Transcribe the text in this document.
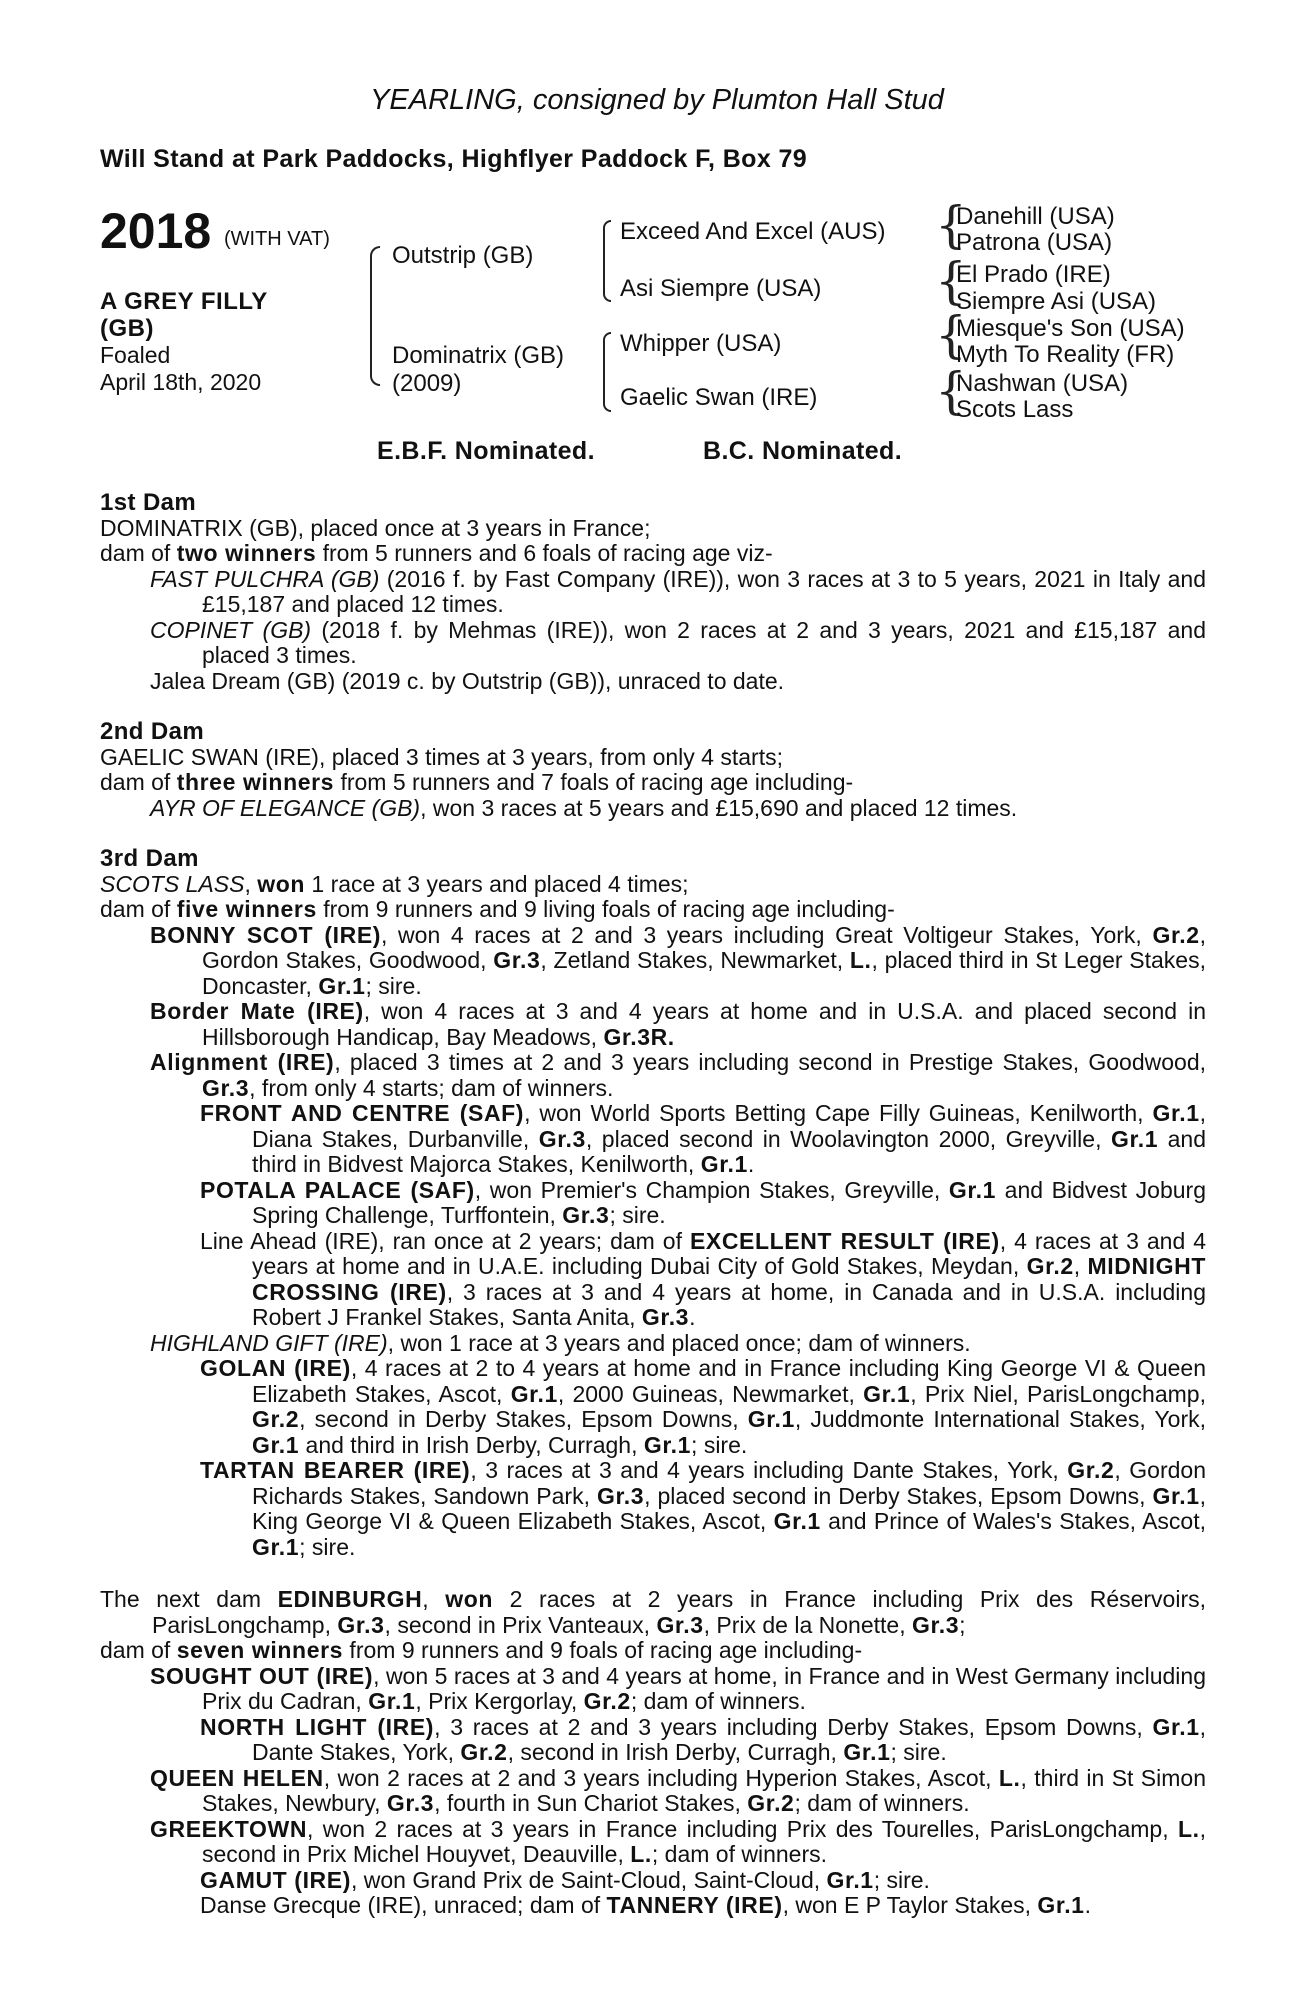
YEARLING, consigned by Plumton Hall Stud
Will Stand at Park Paddocks, Highflyer Paddock F, Box 79
2018 (WITH VAT)
A GREY FILLY (GB)
Foaled
April 18th, 2020
Outstrip (GB)
Dominatrix (GB)
(2009)
Exceed And Excel (AUS)
Asi Siempre (USA)
Whipper (USA)
Gaelic Swan (IRE)
{
{
{
{
Danehill (USA)
Patrona (USA)
El Prado (IRE)
Siempre Asi (USA)
Miesque's Son (USA)
Myth To Reality (FR)
Nashwan (USA)
Scots Lass
E.B.F. Nominated.	B.C. Nominated.
1st Dam
DOMINATRIX (GB), placed once at 3 years in France;
dam of two winners from 5 runners and 6 foals of racing age viz-
FAST PULCHRA (GB) (2016 f. by Fast Company (IRE)), won 3 races at 3 to 5 years, 2021 in Italy and £15,187 and placed 12 times.
COPINET (GB) (2018 f. by Mehmas (IRE)), won 2 races at 2 and 3 years, 2021 and £15,187 and placed 3 times.
Jalea Dream (GB) (2019 c. by Outstrip (GB)), unraced to date.
2nd Dam
GAELIC SWAN (IRE), placed 3 times at 3 years, from only 4 starts;
dam of three winners from 5 runners and 7 foals of racing age including-
AYR OF ELEGANCE (GB), won 3 races at 5 years and £15,690 and placed 12 times.
3rd Dam
SCOTS LASS, won 1 race at 3 years and placed 4 times;
dam of five winners from 9 runners and 9 living foals of racing age including-
BONNY SCOT (IRE), won 4 races at 2 and 3 years including Great Voltigeur Stakes, York, Gr.2, Gordon Stakes, Goodwood, Gr.3, Zetland Stakes, Newmarket, L., placed third in St Leger Stakes, Doncaster, Gr.1; sire.
Border Mate (IRE), won 4 races at 3 and 4 years at home and in U.S.A. and placed second in Hillsborough Handicap, Bay Meadows, Gr.3R.
Alignment (IRE), placed 3 times at 2 and 3 years including second in Prestige Stakes, Goodwood, Gr.3, from only 4 starts; dam of winners.
FRONT AND CENTRE (SAF), won World Sports Betting Cape Filly Guineas, Kenilworth, Gr.1, Diana Stakes, Durbanville, Gr.3, placed second in Woolavington 2000, Greyville, Gr.1 and third in Bidvest Majorca Stakes, Kenilworth, Gr.1.
POTALA PALACE (SAF), won Premier's Champion Stakes, Greyville, Gr.1 and Bidvest Joburg Spring Challenge, Turffontein, Gr.3; sire.
Line Ahead (IRE), ran once at 2 years; dam of EXCELLENT RESULT (IRE), 4 races at 3 and 4 years at home and in U.A.E. including Dubai City of Gold Stakes, Meydan, Gr.2, MIDNIGHT CROSSING (IRE), 3 races at 3 and 4 years at home, in Canada and in U.S.A. including Robert J Frankel Stakes, Santa Anita, Gr.3.
HIGHLAND GIFT (IRE), won 1 race at 3 years and placed once; dam of winners.
GOLAN (IRE), 4 races at 2 to 4 years at home and in France including King George VI & Queen Elizabeth Stakes, Ascot, Gr.1, 2000 Guineas, Newmarket, Gr.1, Prix Niel, ParisLongchamp, Gr.2, second in Derby Stakes, Epsom Downs, Gr.1, Juddmonte International Stakes, York, Gr.1 and third in Irish Derby, Curragh, Gr.1; sire.
TARTAN BEARER (IRE), 3 races at 3 and 4 years including Dante Stakes, York, Gr.2, Gordon Richards Stakes, Sandown Park, Gr.3, placed second in Derby Stakes, Epsom Downs, Gr.1, King George VI & Queen Elizabeth Stakes, Ascot, Gr.1 and Prince of Wales's Stakes, Ascot, Gr.1; sire.
The next dam EDINBURGH, won 2 races at 2 years in France including Prix des Réservoirs, ParisLongchamp, Gr.3, second in Prix Vanteaux, Gr.3, Prix de la Nonette, Gr.3;
dam of seven winners from 9 runners and 9 foals of racing age including-
SOUGHT OUT (IRE), won 5 races at 3 and 4 years at home, in France and in West Germany including Prix du Cadran, Gr.1, Prix Kergorlay, Gr.2; dam of winners.
NORTH LIGHT (IRE), 3 races at 2 and 3 years including Derby Stakes, Epsom Downs, Gr.1, Dante Stakes, York, Gr.2, second in Irish Derby, Curragh, Gr.1; sire.
QUEEN HELEN, won 2 races at 2 and 3 years including Hyperion Stakes, Ascot, L., third in St Simon Stakes, Newbury, Gr.3, fourth in Sun Chariot Stakes, Gr.2; dam of winners.
GREEKTOWN, won 2 races at 3 years in France including Prix des Tourelles, ParisLongchamp, L., second in Prix Michel Houyvet, Deauville, L.; dam of winners.
GAMUT (IRE), won Grand Prix de Saint-Cloud, Saint-Cloud, Gr.1; sire.
Danse Grecque (IRE), unraced; dam of TANNERY (IRE), won E P Taylor Stakes, Gr.1.
